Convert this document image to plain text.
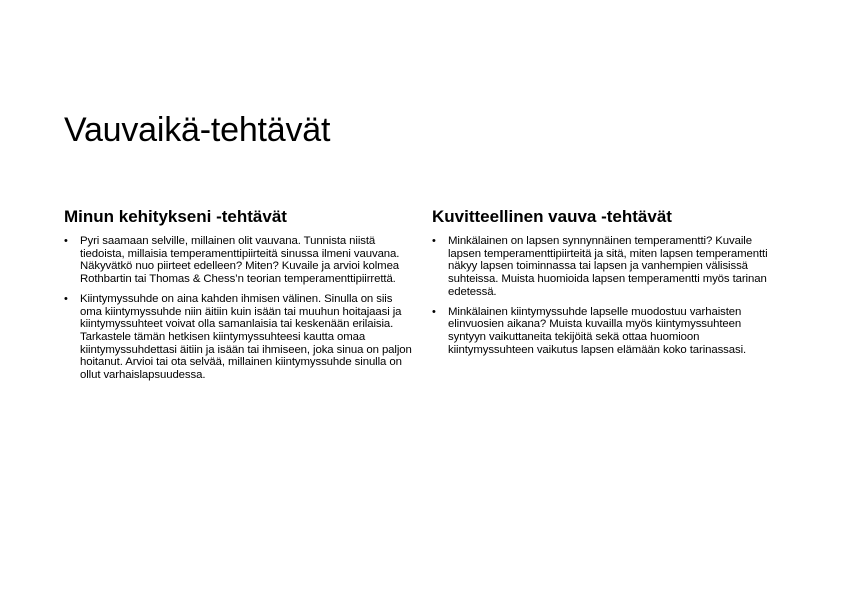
Vauvaikä-tehtävät
Minun kehitykseni -tehtävät
• Pyri saamaan selville, millainen olit vauvana. Tunnista niistä tiedoista, millaisia temperamenttipiirteitä sinussa ilmeni vauvana. Näkyvätkö nuo piirteet edelleen? Miten? Kuvaile ja arvioi kolmea Rothbartin tai Thomas & Chess’n teorian temperamenttipiirrettä.
• Kiintymyssuhde on aina kahden ihmisen välinen. Sinulla on siis oma kiintymyssuhde niin äitiin kuin isään tai muuhun hoitajaasi ja kiintymyssuhteet voivat olla samanlaisia tai keskenään erilaisia. Tarkastele tämän hetkisen kiintymyssuhteesi kautta omaa kiintymyssuhdettasi äitiin ja isään tai ihmiseen, joka sinua on paljon hoitanut. Arvioi tai ota selvää, millainen kiintymyssuhde sinulla on ollut varhaislapsuudessa.
Kuvitteellinen vauva -tehtävät
• Minkälainen on lapsen synnynnäinen temperamentti? Kuvaile lapsen temperamenttipiirteitä ja sitä, miten lapsen temperamentti näkyy lapsen toiminnassa tai lapsen ja vanhempien välisissä suhteissa. Muista huomioida lapsen temperamentti myös tarinan edetessä.
• Minkälainen kiintymyssuhde lapselle muodostuu varhaisten elinvuosien aikana? Muista kuvailla myös kiintymyssuhteen syntyyn vaikuttaneita tekijöitä sekä ottaa huomioon kiintymyssuhteen vaikutus lapsen elämään koko tarinassasi.
